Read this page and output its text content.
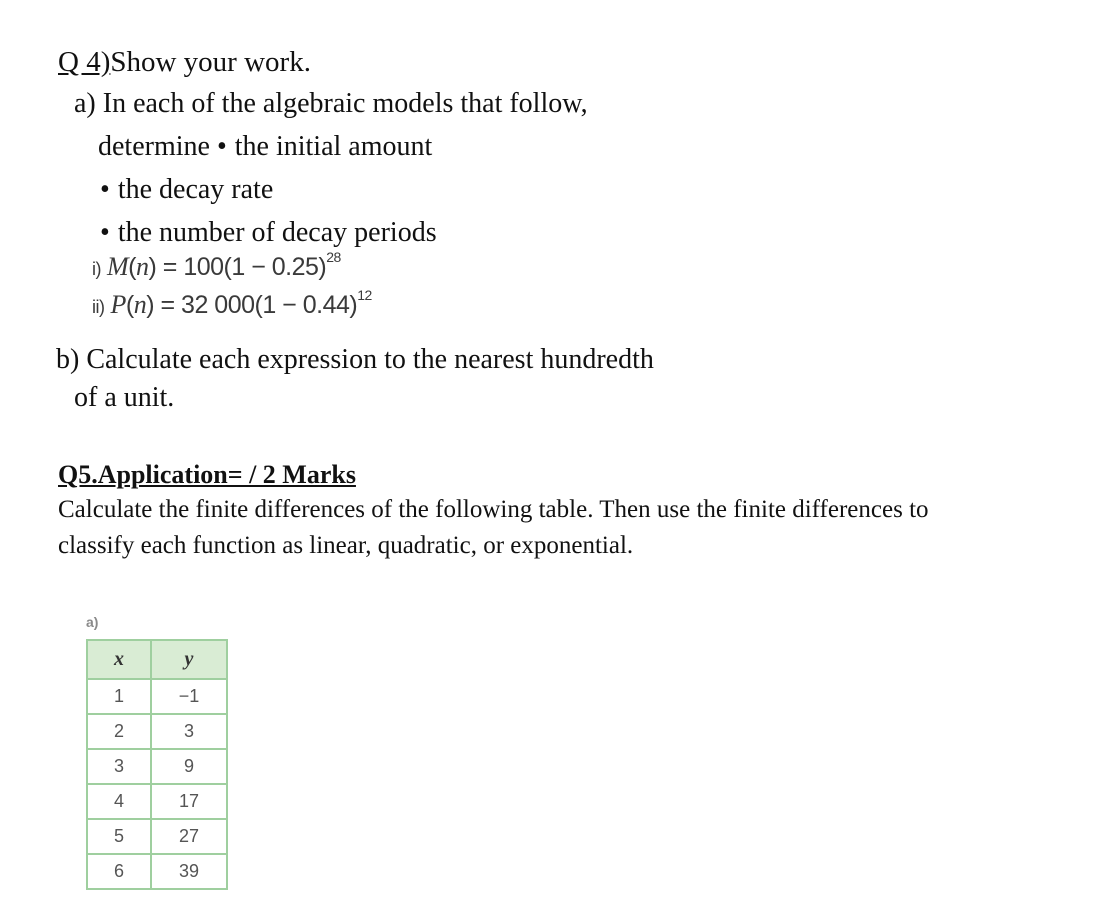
Q 4)Show your work.
a) In each of the algebraic models that follow,
determine • the initial amount
• the decay rate
• the number of decay periods
i) $M(n) = 100(1 - 0.25)^{28}$
ii) P(n) = 32 $000(1 - 0.44)^{12}$
b) Calculate each expression to the nearest hundredth
of a unit.
Q5.Application= / 2 Marks
Calculate the finite differences of the following table. Then use the finite differences to
classify each function as linear, quadratic, or exponential.
a)
x	y
1	−1
2	3
3	9
4	17
5	27
6	39
